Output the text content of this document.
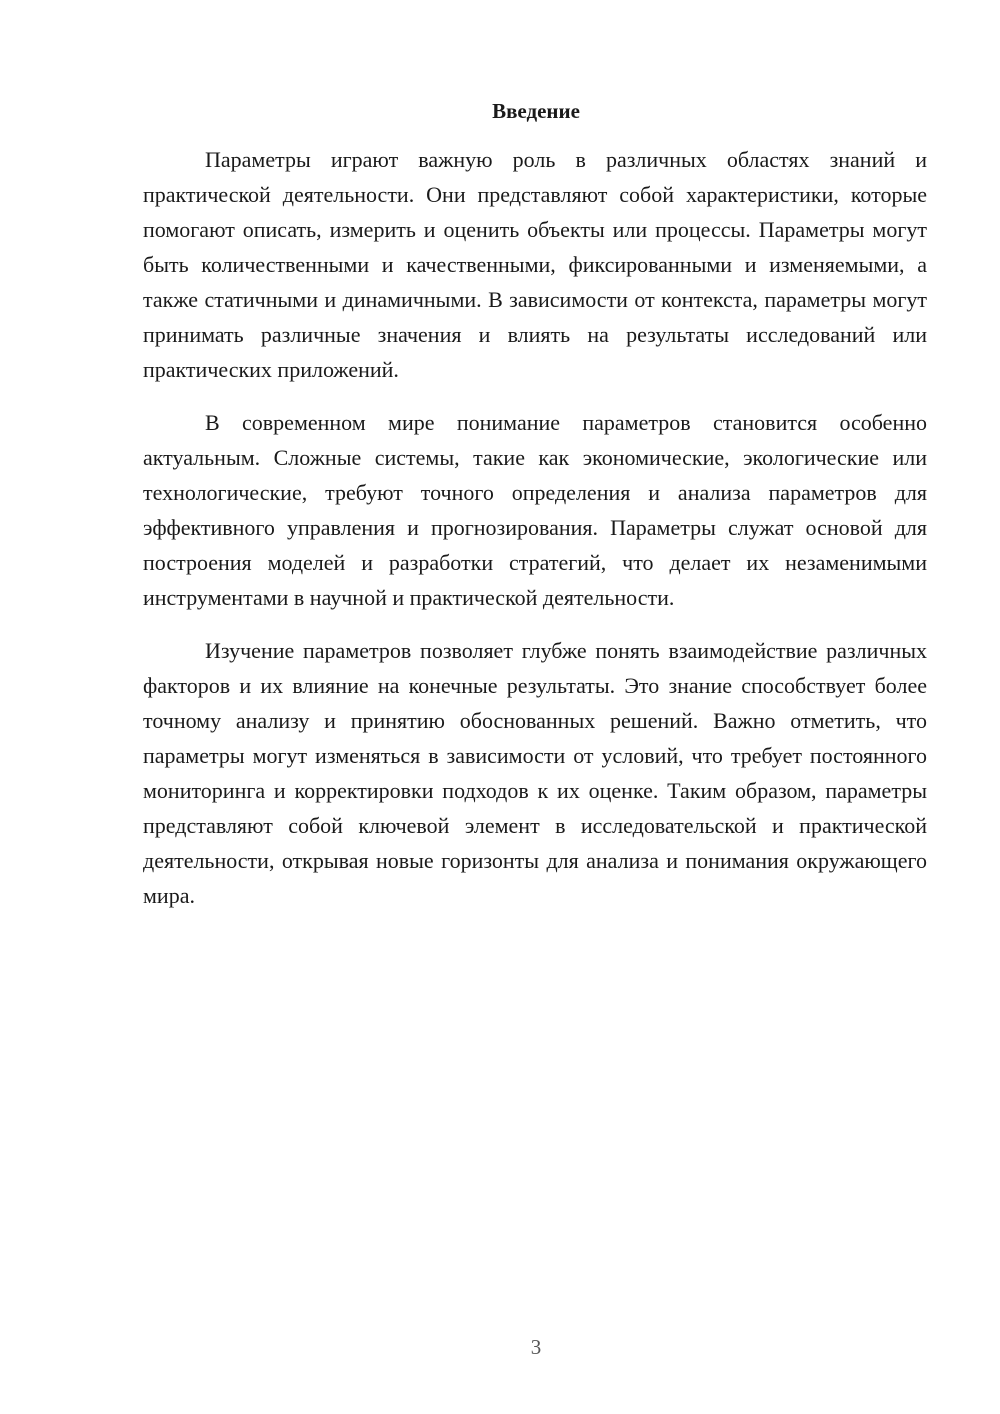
Введение

Параметры играют важную роль в различных областях знаний и практической деятельности. Они представляют собой характеристики, которые помогают описать, измерить и оценить объекты или процессы. Параметры могут быть количественными и качественными, фиксированными и изменяемыми, а также статичными и динамичными. В зависимости от контекста, параметры могут принимать различные значения и влиять на результаты исследований или практических приложений.

В современном мире понимание параметров становится особенно актуальным. Сложные системы, такие как экономические, экологические или технологические, требуют точного определения и анализа параметров для эффективного управления и прогнозирования. Параметры служат основой для построения моделей и разработки стратегий, что делает их незаменимыми инструментами в научной и практической деятельности.

Изучение параметров позволяет глубже понять взаимодействие различных факторов и их влияние на конечные результаты. Это знание способствует более точному анализу и принятию обоснованных решений. Важно отметить, что параметры могут изменяться в зависимости от условий, что требует постоянного мониторинга и корректировки подходов к их оценке. Таким образом, параметры представляют собой ключевой элемент в исследовательской и практической деятельности, открывая новые горизонты для анализа и понимания окружающего мира.

3
